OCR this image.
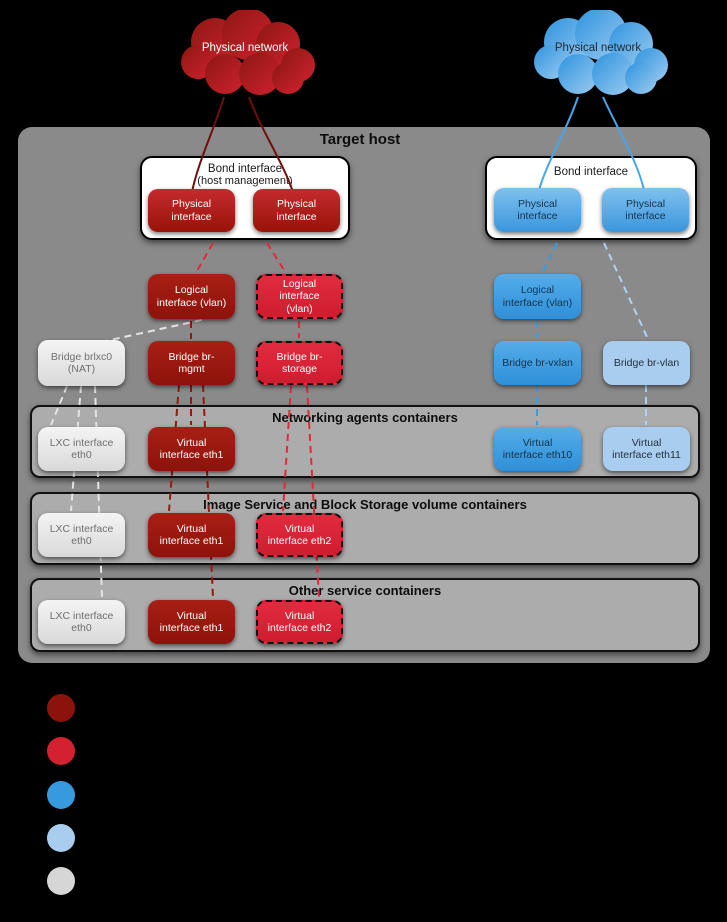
Physical network	Physical network
Target host
Bond interface
(host management)
Bond interface
Physical interface
Physical interface
Physical interface
Physical interface
Logical interface (vlan)
Logical interface (vlan)
Logical interface (vlan)
Bridge brlxc0 (NAT)
Bridge br-mgmt
Bridge br-storage
Bridge br-vxlan	Bridge br-vlan
Networking agents containers
LXC interface eth0
Virtual interface eth1
Virtual interface eth10
Virtual interface eth11
Image Service and Block Storage volume containers
LXC interface eth0
Virtual interface eth1
Virtual interface eth2
Other service containers
LXC interface eth0
Virtual interface eth1
Virtual interface eth2
